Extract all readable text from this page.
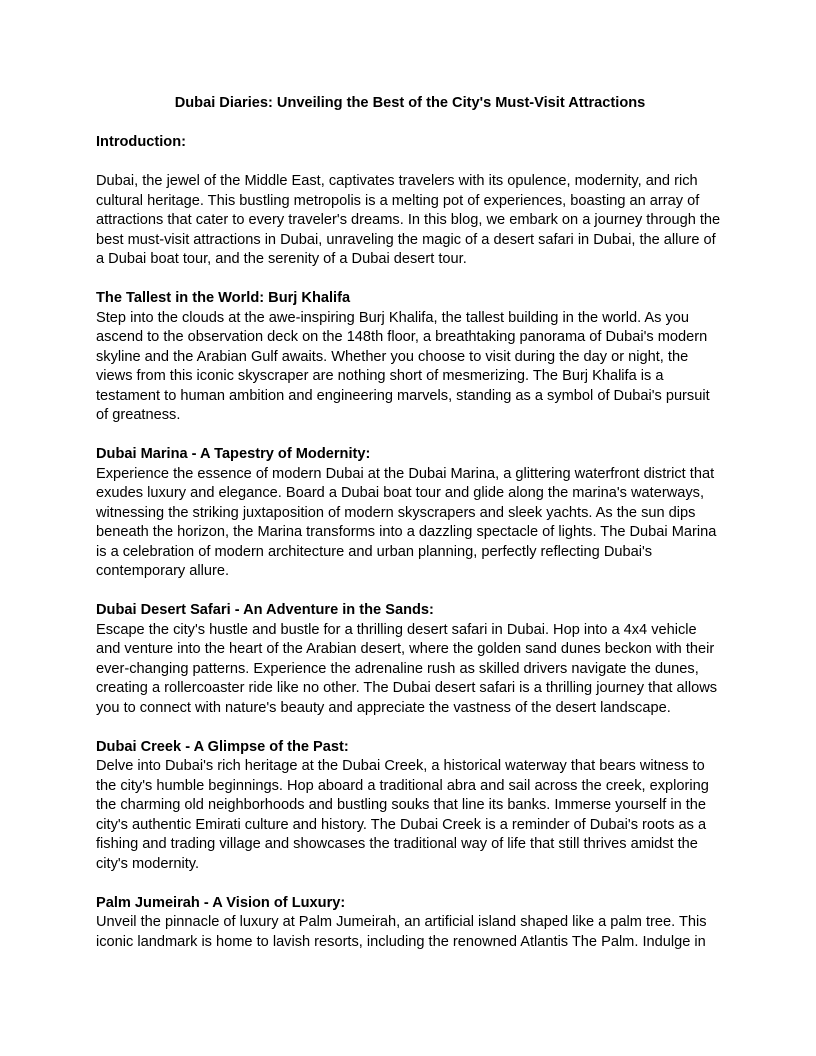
Dubai Diaries: Unveiling the Best of the City's Must-Visit Attractions

Introduction:

Dubai, the jewel of the Middle East, captivates travelers with its opulence, modernity, and rich cultural heritage. This bustling metropolis is a melting pot of experiences, boasting an array of attractions that cater to every traveler's dreams. In this blog, we embark on a journey through the best must-visit attractions in Dubai, unraveling the magic of a desert safari in Dubai, the allure of a Dubai boat tour, and the serenity of a Dubai desert tour.

The Tallest in the World: Burj Khalifa

Step into the clouds at the awe-inspiring Burj Khalifa, the tallest building in the world. As you ascend to the observation deck on the 148th floor, a breathtaking panorama of Dubai's modern skyline and the Arabian Gulf awaits. Whether you choose to visit during the day or night, the views from this iconic skyscraper are nothing short of mesmerizing. The Burj Khalifa is a testament to human ambition and engineering marvels, standing as a symbol of Dubai's pursuit of greatness.

Dubai Marina - A Tapestry of Modernity:

Experience the essence of modern Dubai at the Dubai Marina, a glittering waterfront district that exudes luxury and elegance. Board a Dubai boat tour and glide along the marina's waterways, witnessing the striking juxtaposition of modern skyscrapers and sleek yachts. As the sun dips beneath the horizon, the Marina transforms into a dazzling spectacle of lights. The Dubai Marina is a celebration of modern architecture and urban planning, perfectly reflecting Dubai's contemporary allure.

Dubai Desert Safari - An Adventure in the Sands:

Escape the city's hustle and bustle for a thrilling desert safari in Dubai. Hop into a 4x4 vehicle and venture into the heart of the Arabian desert, where the golden sand dunes beckon with their ever-changing patterns. Experience the adrenaline rush as skilled drivers navigate the dunes, creating a rollercoaster ride like no other. The Dubai desert safari is a thrilling journey that allows you to connect with nature's beauty and appreciate the vastness of the desert landscape.

Dubai Creek - A Glimpse of the Past:

Delve into Dubai's rich heritage at the Dubai Creek, a historical waterway that bears witness to the city's humble beginnings. Hop aboard a traditional abra and sail across the creek, exploring the charming old neighborhoods and bustling souks that line its banks. Immerse yourself in the city's authentic Emirati culture and history. The Dubai Creek is a reminder of Dubai's roots as a fishing and trading village and showcases the traditional way of life that still thrives amidst the city's modernity.

Palm Jumeirah - A Vision of Luxury:

Unveil the pinnacle of luxury at Palm Jumeirah, an artificial island shaped like a palm tree. This iconic landmark is home to lavish resorts, including the renowned Atlantis The Palm. Indulge in
